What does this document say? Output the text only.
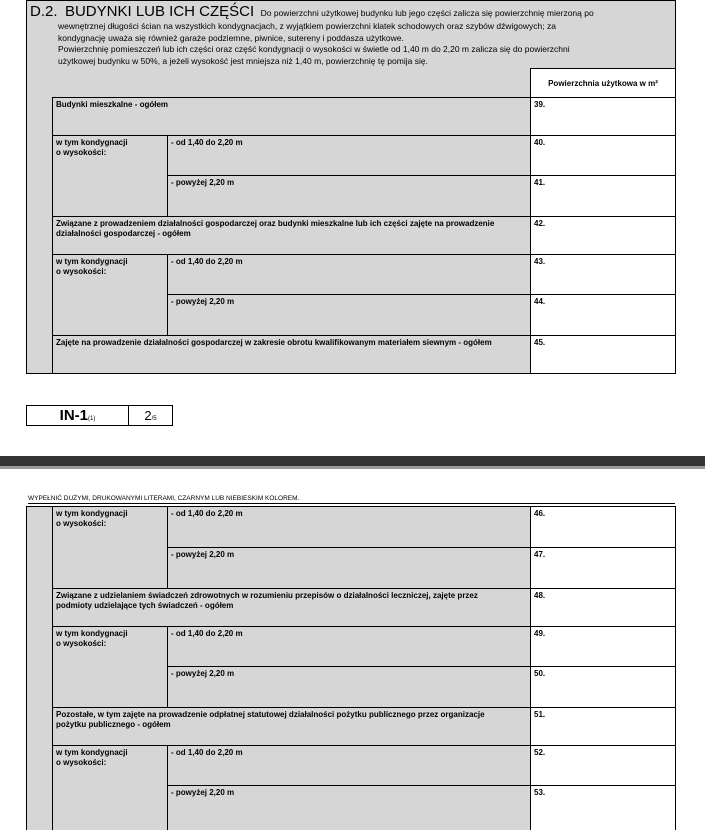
D.2. BUDYNKI LUB ICH CZĘŚCI Do powierzchni użytkowej budynku lub jego części zalicza się powierzchnię mierzoną po
wewnętrznej długości ścian na wszystkich kondygnacjach, z wyjątkiem powierzchni klatek schodowych oraz szybów dźwigowych; za
kondygnację uważa się również garaże podziemne, piwnice, sutereny i poddasza użytkowe.
Powierzchnię pomieszczeń lub ich części oraz część kondygnacji o wysokości w świetle od 1,40 m do 2,20 m zalicza się do powierzchni
użytkowej budynku w 50%, a jeżeli wysokość jest mniejsza niż 1,40 m, powierzchnię tę pomija się.
Powierzchnia użytkowa w m²
Budynki mieszkalne - ogółem	39.
w tym kondygnacji
o wysokości:
- od 1,40 do 2,20 m	40.
- powyżej 2,20 m	41.
Związane z prowadzeniem działalności gospodarczej oraz budynki mieszkalne lub ich części zajęte na prowadzenie
działalności gospodarczej - ogółem
42.
w tym kondygnacji
o wysokości:
- od 1,40 do 2,20 m	43.
- powyżej 2,20 m	44.
Zajęte na prowadzenie działalności gospodarczej w zakresie obrotu kwalifikowanym materiałem siewnym - ogółem	45.
IN-1(1)	2/5
WYPEŁNIĆ DUŻYMI, DRUKOWANYMI LITERAMI, CZARNYM LUB NIEBIESKIM KOLOREM.
w tym kondygnacji
o wysokości:
- od 1,40 do 2,20 m	46.
- powyżej 2,20 m	47.
Związane z udzielaniem świadczeń zdrowotnych w rozumieniu przepisów o działalności leczniczej, zajęte przez
podmioty udzielające tych świadczeń - ogółem
48.
w tym kondygnacji
o wysokości:
- od 1,40 do 2,20 m	49.
- powyżej 2,20 m	50.
Pozostałe, w tym zajęte na prowadzenie odpłatnej statutowej działalności pożytku publicznego przez organizacje
pożytku publicznego - ogółem
51.
w tym kondygnacji
o wysokości:
- od 1,40 do 2,20 m	52.
- powyżej 2,20 m	53.
